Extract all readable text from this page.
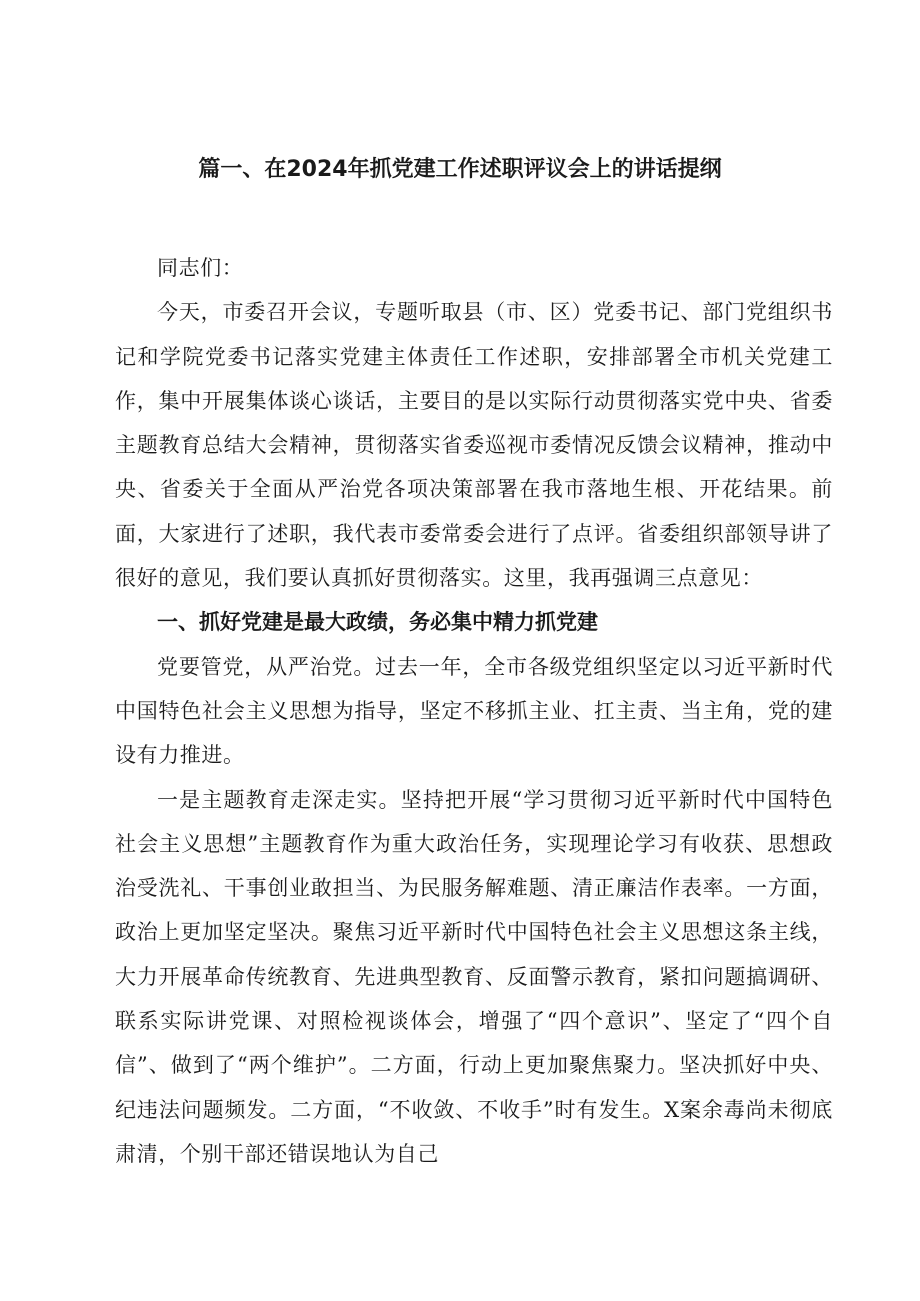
篇一、在2024年抓党建工作述职评议会上的讲话提纲

同志们：

今天，市委召开会议，专题听取县（市、区）党委书记、部门党组织书记和学院党委书记落实党建主体责任工作述职，安排部署全市机关党建工作，集中开展集体谈心谈话，主要目的是以实际行动贯彻落实党中央、省委主题教育总结大会精神，贯彻落实省委巡视市委情况反馈会议精神，推动中央、省委关于全面从严治党各项决策部署在我市落地生根、开花结果。前面，大家进行了述职，我代表市委常委会进行了点评。省委组织部领导讲了很好的意见，我们要认真抓好贯彻落实。这里，我再强调三点意见：

一、抓好党建是最大政绩，务必集中精力抓党建

党要管党，从严治党。过去一年，全市各级党组织坚定以习近平新时代中国特色社会主义思想为指导，坚定不移抓主业、扛主责、当主角，党的建设有力推进。

一是主题教育走深走实。坚持把开展“学习贯彻习近平新时代中国特色社会主义思想”主题教育作为重大政治任务，实现理论学习有收获、思想政治受洗礼、干事创业敢担当、为民服务解难题、清正廉洁作表率。一方面，政治上更加坚定坚决。聚焦习近平新时代中国特色社会主义思想这条主线，大力开展革命传统教育、先进典型教育、反面警示教育，紧扣问题搞调研、联系实际讲党课、对照检视谈体会，增强了“四个意识”、坚定了“四个自信”、做到了“两个维护”。二方面，行动上更加聚焦聚力。坚决抓好中央、纪违法问题频发。二方面，“不收敛、不收手”时有发生。X案余毒尚未彻底肃清，个别干部还错误地认为自己
